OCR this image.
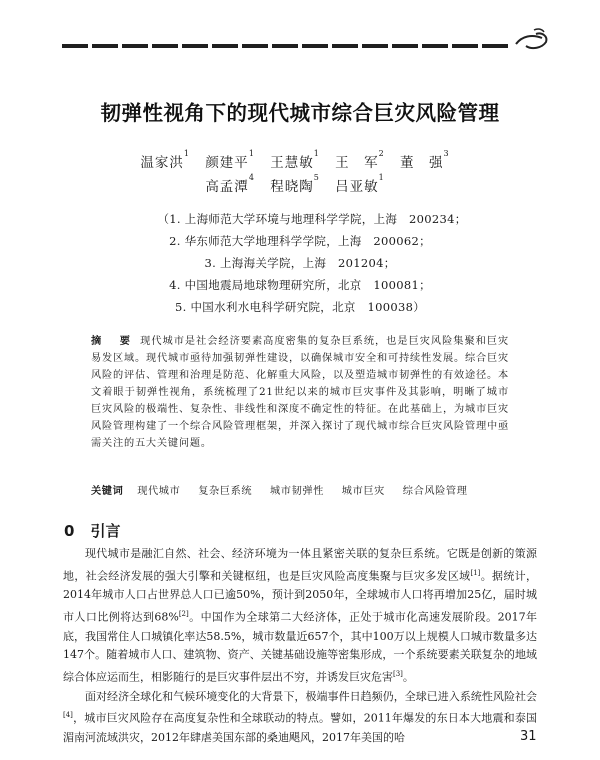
韧弹性视角下的现代城市综合巨灾风险管理
温家洪$^1$ 颜建平$^1$ 王慧敏$^1$ 王　军$^2$ 董　强$^3$
高孟潭$^4$ 程晓陶$^5$ 吕亚敏$^1$
（1. 上海师范大学环境与地理科学学院，上海　200234；
2. 华东师范大学地理科学学院，上海　200062；
3. 上海海关学院，上海　201204；
4. 中国地震局地球物理研究所，北京　100081；
5. 中国水利水电科学研究院，北京　100038）
摘　要 现代城市是社会经济要素高度密集的复杂巨系统，也是巨灾风险集聚和巨灾易发区域。现代城市亟待加强韧弹性建设，以确保城市安全和可持续性发展。综合巨灾风险的评估、管理和治理是防范、化解重大风险，以及塑造城市韧弹性的有效途径。本文着眼于韧弹性视角，系统梳理了21世纪以来的城市巨灾事件及其影响，明晰了城市巨灾风险的极端性、复杂性、非线性和深度不确定性的特征。在此基础上，为城市巨灾风险管理构建了一个综合风险管理框架，并深入探讨了现代城市综合巨灾风险管理中亟需关注的五大关键问题。
关键词 现代城市 复杂巨系统 城市韧弹性 城市巨灾 综合风险管理
0 引言

现代城市是融汇自然、社会、经济环境为一体且紧密关联的复杂巨系统。它既是创新的策源地，社会经济发展的强大引擎和关键枢纽，也是巨灾风险高度集聚与巨灾多发区域[1]。据统计，2014年城市人口占世界总人口已逾50%，预计到2050年，全球城市人口将再增加25亿，届时城市人口比例将达到68%[2]。中国作为全球第二大经济体，正处于城市化高速发展阶段。2017年底，我国常住人口城镇化率达58.5%，城市数量近657个，其中100万以上规模人口城市数量多达147个。随着城市人口、建筑物、资产、关键基础设施等密集形成，一个系统要素关联复杂的地域综合体应运而生，相影随行的是巨灾事件层出不穷，并诱发巨灾危害[3]。

面对经济全球化和气候环境变化的大背景下，极端事件日趋频仍，全球已进入系统性风险社会[4]，城市巨灾风险存在高度复杂性和全球联动的特点。譬如，2011年爆发的东日本大地震和泰国湄南河流域洪灾，2012年肆虐美国东部的桑迪飓风，2017年美国的哈	31
